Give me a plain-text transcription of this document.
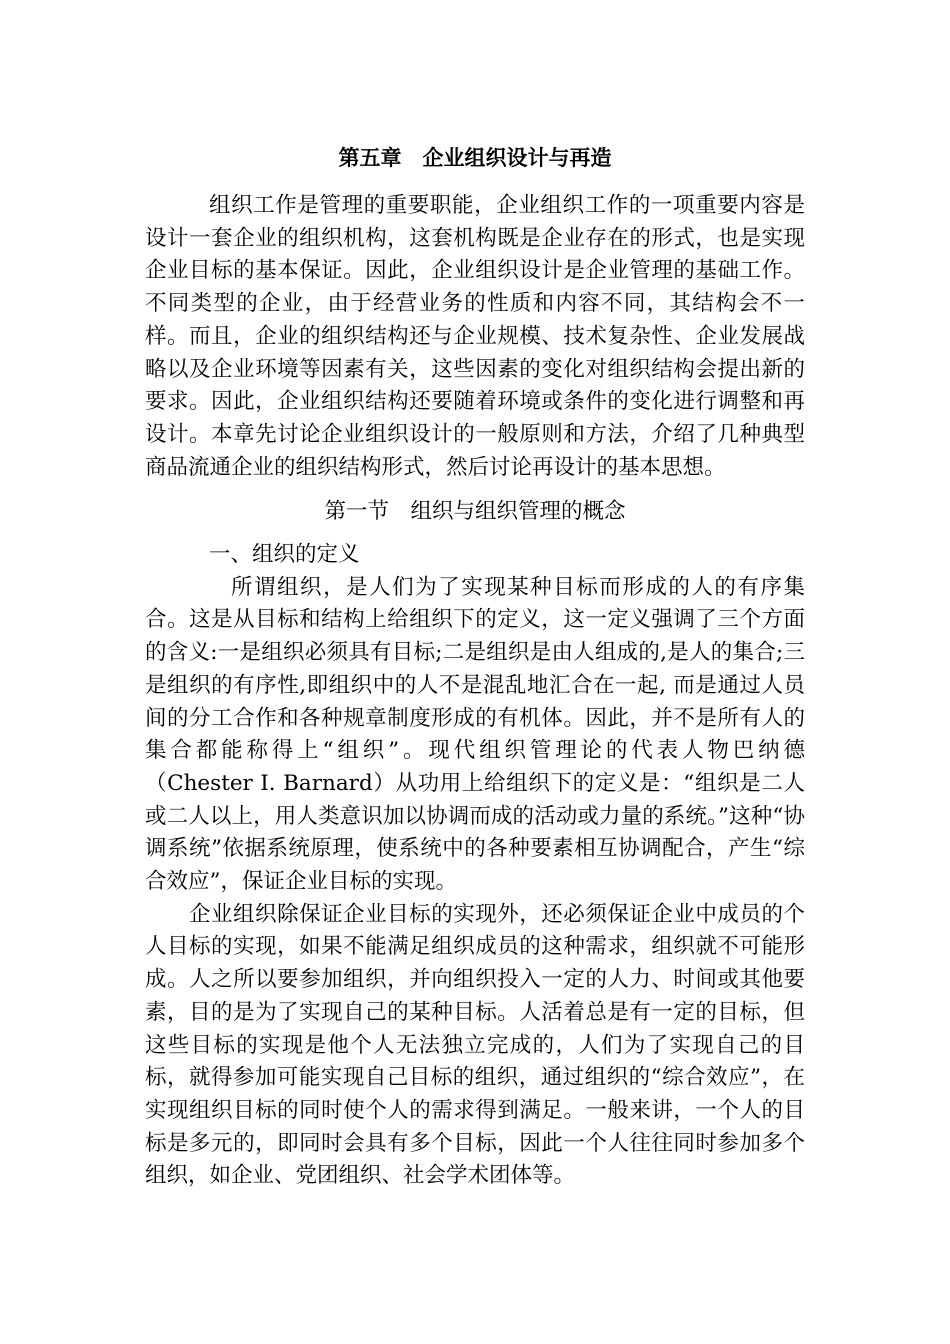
第五章　企业组织设计与再造

组织工作是管理的重要职能，企业组织工作的一项重要内容是设计一套企业的组织机构，这套机构既是企业存在的形式，也是实现企业目标的基本保证。因此，企业组织设计是企业管理的基础工作。不同类型的企业，由于经营业务的性质和内容不同，其结构会不一样。而且，企业的组织结构还与企业规模、技术复杂性、企业发展战略以及企业环境等因素有关，这些因素的变化对组织结构会提出新的要求。因此，企业组织结构还要随着环境或条件的变化进行调整和再设计。本章先讨论企业组织设计的一般原则和方法，介绍了几种典型商品流通企业的组织结构形式，然后讨论再设计的基本思想。

第一节　组织与组织管理的概念
一、组织的定义

所谓组织，是人们为了实现某种目标而形成的人的有序集合。这是从目标和结构上给组织下的定义，这一定义强调了三个方面的含义:一是组织必须具有目标;二是组织是由人组成的,是人的集合;三是组织的有序性,即组织中的人不是混乱地汇合在一起, 而是通过人员间的分工合作和各种规章制度形成的有机体。因此，并不是所有人的集合都能称得上“组织”。现代组织管理论的代表人物巴纳德（Chester I. Barnard）从功用上给组织下的定义是：“组织是二人或二人以上，用人类意识加以协调而成的活动或力量的系统。”这种“协调系统”依据系统原理，使系统中的各种要素相互协调配合，产生“综合效应”，保证企业目标的实现。

企业组织除保证企业目标的实现外，还必须保证企业中成员的个人目标的实现，如果不能满足组织成员的这种需求，组织就不可能形成。人之所以要参加组织，并向组织投入一定的人力、时间或其他要素，目的是为了实现自己的某种目标。人活着总是有一定的目标，但这些目标的实现是他个人无法独立完成的，人们为了实现自己的目标，就得参加可能实现自己目标的组织，通过组织的“综合效应”，在实现组织目标的同时使个人的需求得到满足。一般来讲，一个人的目标是多元的，即同时会具有多个目标，因此一个人往往同时参加多个组织，如企业、党团组织、社会学术团体等。
